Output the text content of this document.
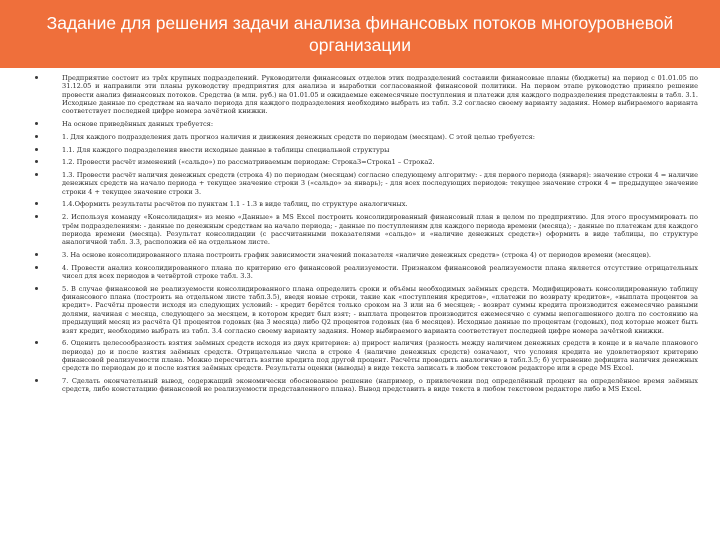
Задание для решения задачи анализа финансовых потоков многоуровневой организации
Предприятие состоит из трёх крупных подразделений. Руководители финансовых отделов этих подразделений составили финансовые планы (бюджеты) на период с 01.01.05 по 31.12.05 и направили эти планы руководству предприятия для анализа и выработки согласованной финансовой политики. На первом этапе руководство приняло решение провести анализ финансовых потоков. Средства (в млн. руб.) на 01.01.05 и ожидаемые ежемесячные поступления и платежи для каждого подразделения представлены в табл. 3.1. Исходные данные по средствам на начало периода для каждого подразделения необходимо выбрать из табл. 3.2 согласно своему варианту задания. Номер выбираемого варианта соответствует последней цифре номера зачётной книжки.
На основе приведённых данных требуется:
1. Для каждого подразделения дать прогноз наличия и движения денежных средств по периодам (месяцам). С этой целью требуется:
1.1. Для каждого подразделения ввести исходные данные в таблицы специальной структуры
1.2. Провести расчёт изменений («сальдо») по рассматриваемым периодам: Строка3=Строка1 – Строка2.
1.3. Провести расчёт наличия денежных средств (строка 4) по периодам (месяцам) согласно следующему алгоритму: - для первого периода (января): значение строки 4 = наличие денежных средств на начало периода + текущее значение строки 3 («сальдо» за январь); - для всех последующих периодов: текущее значение строки 4 = предыдущее значение строки 4 + текущее значение строки 3.
1.4.Оформить результаты расчётов по пунктам 1.1 - 1.3 в виде таблиц, по структуре аналогичных.
2. Используя команду «Консолидация» из меню «Данные» в MS Excel построить консолидированный финансовый план в целом по предприятию. Для этого просуммировать по трём подразделениям: - данные по денежным средствам на начало периода; - данные по поступлениям для каждого периода времени (месяца); - данные по платежам для каждого периода времени (месяца). Результат консолидации (с рассчитанными показателями «сальдо» и «наличие денежных средств») оформить в виде таблицы, по структуре аналогичной табл. 3.3, расположив её на отдельном листе.
3. На основе консолидированного плана построить график зависимости значений показателя «наличие денежных средств» (строка 4) от периодов времени (месяцев).
4. Провести анализ консолидированного плана по критерию его финансовой реализуемости. Признаком финансовой реализуемости плана является отсутствие отрицательных чисел для всех периодов в четвёртой строке табл. 3.3.
5. В случае финансовой не реализуемости консолидированного плана определить сроки и объёмы необходимых заёмных средств. Модифицировать консолидированную таблицу финансового плана (построить на отдельном листе табл.3.5), введя новые строки, такие как «поступления кредитов», «платежи по возврату кредитов», «выплата процентов за кредит». Расчёты провести исходя из следующих условий: - кредит берётся только сроком на 3 или на 6 месяцев; - возврат суммы кредита производится ежемесячно равными долями, начиная с месяца, следующего за месяцем, в котором кредит был взят; - выплата процентов производится ежемесячно с суммы непогашенного долга по состоянию на предыдущий месяц из расчёта Q1 процентов годовых (на 3 месяца) либо Q2 процентов годовых (на 6 месяцев). Исходные данные по процентам (годовых), под которые может быть взят кредит, необходимо выбрать из табл. 3.4 согласно своему варианту задания. Номер выбираемого варианта соответствует последней цифре номера зачётной книжки.
6. Оценить целесообразность взятия заёмных средств исходя из двух критериев: a) прирост наличия (разность между наличием денежных средств в конце и в начале планового периода) до и после взятия заёмных средств. Отрицательные числа в строке 4 (наличие денежных средств) означают, что условия кредита не удовлетворяют критерию финансовой реализуемости плана. Можно пересчитать взятие кредита под другой процент. Расчёты проводить аналогично в табл.3.5; б) устранение дефицита наличия денежных средств по периодам до и после взятия заёмных средств. Результаты оценки (выводы) в виде текста записать в любом текстовом редакторе или в среде MS Excel.
7. Сделать окончательный вывод, содержащий экономически обоснованное решение (например, о привлечении под определённый процент на определённое время заёмных средств, либо констатацию финансовой не реализуемости представленного плана). Вывод представить в виде текста в любом текстовом редакторе либо в MS Excel.
